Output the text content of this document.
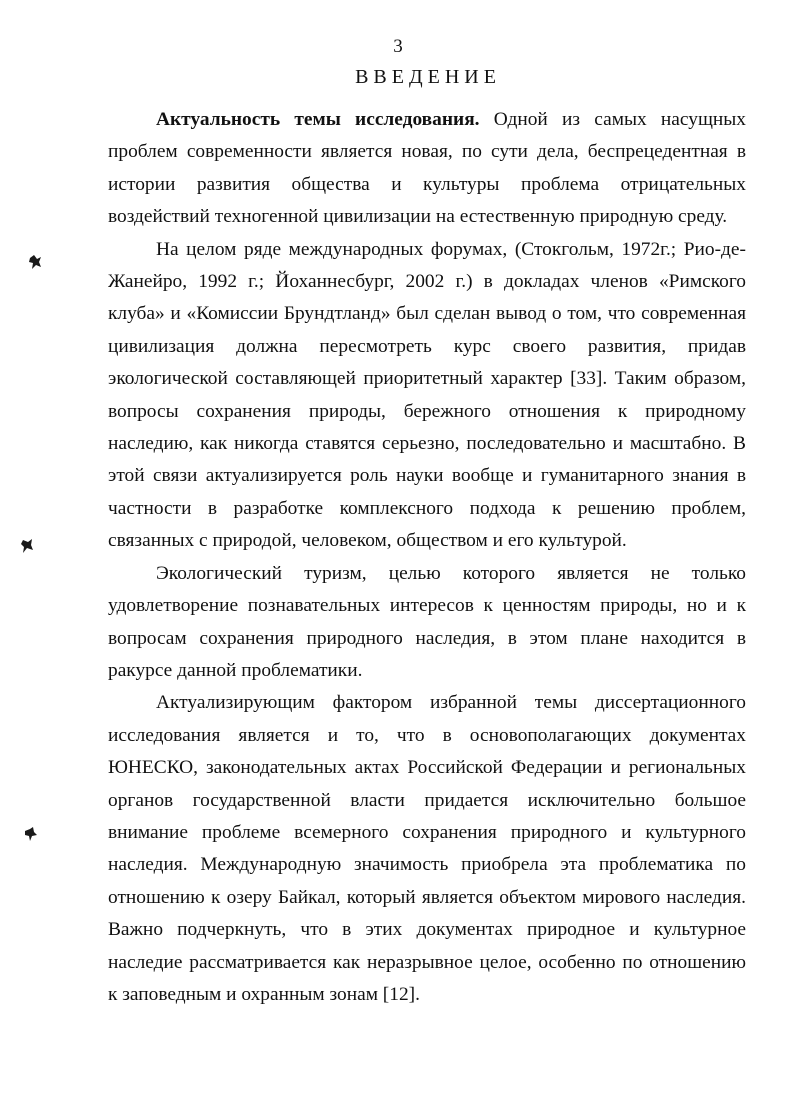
3
ВВЕДЕНИЕ

Актуальность темы исследования. Одной из самых насущных проблем современности является новая, по сути дела, беспрецедентная в истории развития общества и культуры проблема отрицательных воздействий техногенной цивилизации на естественную природную среду.

На целом ряде международных форумах, (Стокгольм, 1972г.; Рио-де-Жанейро, 1992 г.; Йоханнесбург, 2002 г.) в докладах членов «Римского клуба» и «Комиссии Брундтланд» был сделан вывод о том, что современная цивилизация должна пересмотреть курс своего развития, придав экологической составляющей приоритетный характер [33]. Таким образом, вопросы сохранения природы, бережного отношения к природному наследию, как никогда ставятся серьезно, последовательно и масштабно. В этой связи актуализируется роль науки вообще и гуманитарного знания в частности в разработке комплексного подхода к решению проблем, связанных с природой, человеком, обществом и его культурой.

Экологический туризм, целью которого является не только удовлетворение познавательных интересов к ценностям природы, но и к вопросам сохранения природного наследия, в этом плане находится в ракурсе данной проблематики.

Актуализирующим фактором избранной темы диссертационного исследования является и то, что в основополагающих документах ЮНЕСКО, законодательных актах Российской Федерации и региональных органов государственной власти придается исключительно большое внимание проблеме всемерного сохранения природного и культурного наследия. Международную значимость приобрела эта проблематика по отношению к озеру Байкал, который является объектом мирового наследия. Важно подчеркнуть, что в этих документах природное и культурное наследие рассматривается как неразрывное целое, особенно по отношению к заповедным и охранным зонам [12].
